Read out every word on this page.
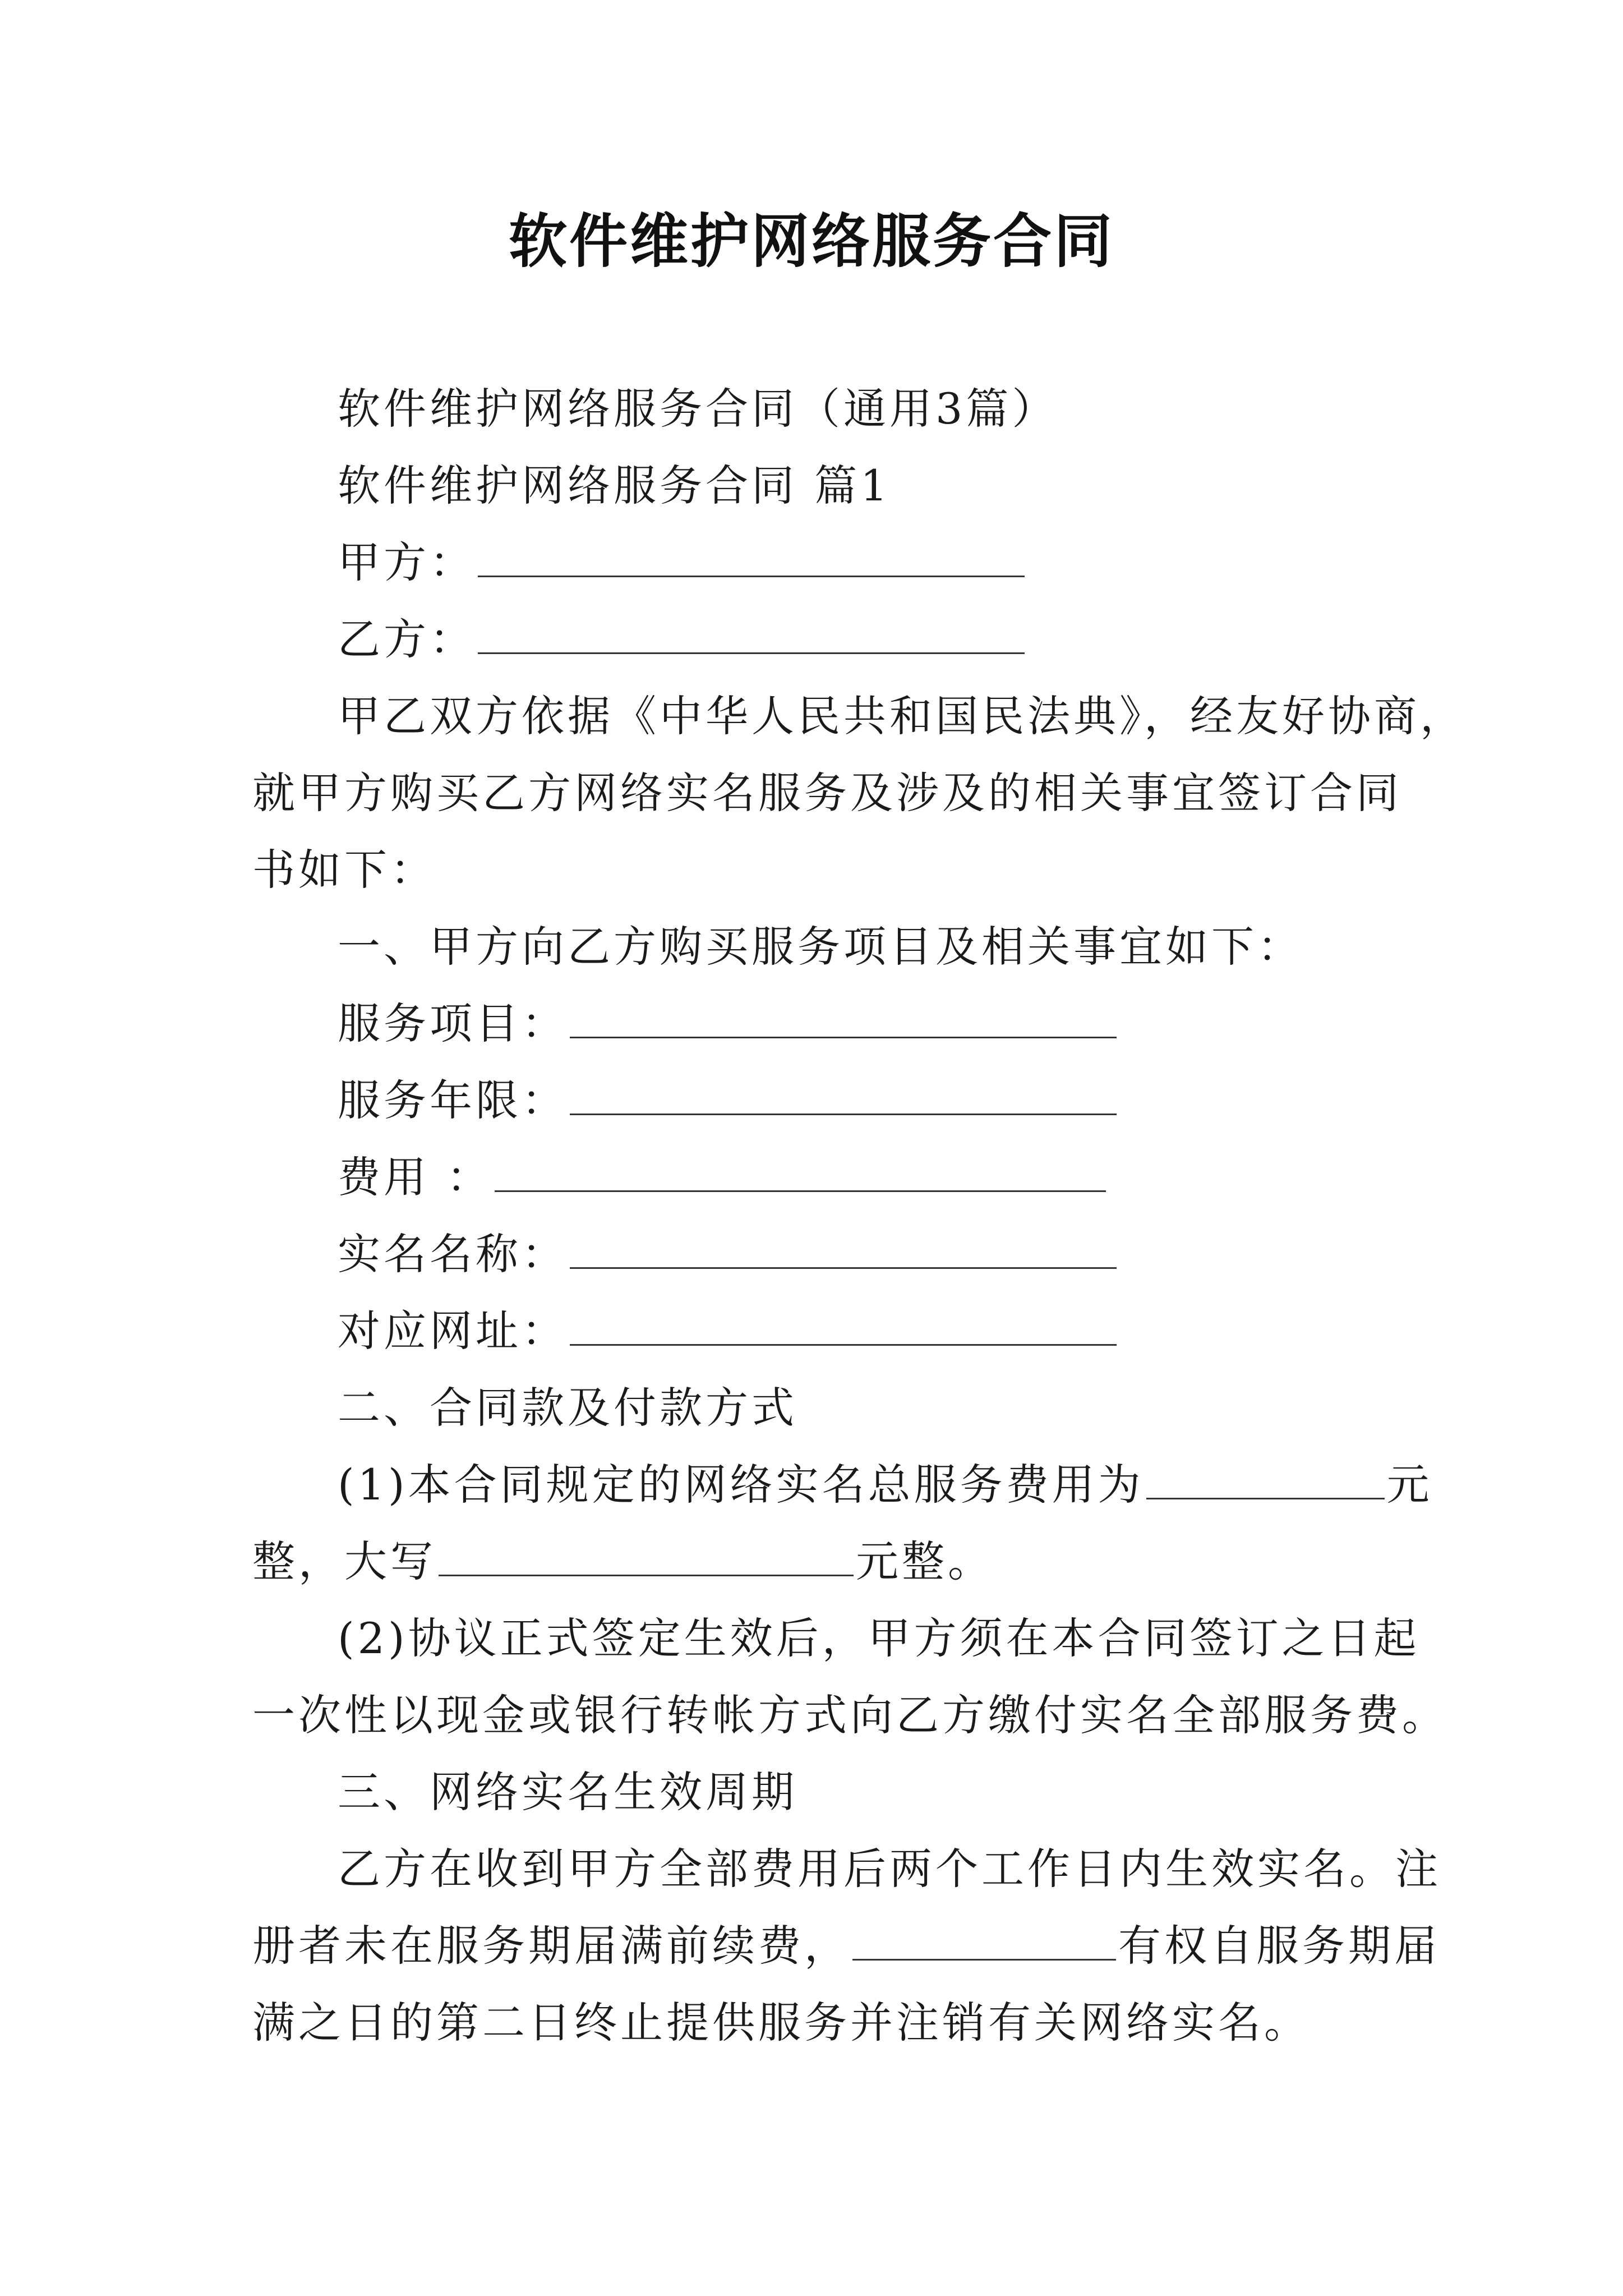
软件维护网络服务合同

软件维护网络服务合同（通用3篇）

软件维护网络服务合同 篇1

甲方：

乙方：

甲乙双方依据《中华人民共和国民法典》，经友好协商，

就甲方购买乙方网络实名服务及涉及的相关事宜签订合同

书如下：

一、甲方向乙方购买服务项目及相关事宜如下：

服务项目：

服务年限：

费用 ：

实名名称：

对应网址：

二、合同款及付款方式

(1)本合同规定的网络实名总服务费用为	元

整，大写	元整。

(2)协议正式签定生效后，甲方须在本合同签订之日起

一次性以现金或银行转帐方式向乙方缴付实名全部服务费。

三、网络实名生效周期

乙方在收到甲方全部费用后两个工作日内生效实名。注

册者未在服务期届满前续费，	有权自服务期届

满之日的第二日终止提供服务并注销有关网络实名。
